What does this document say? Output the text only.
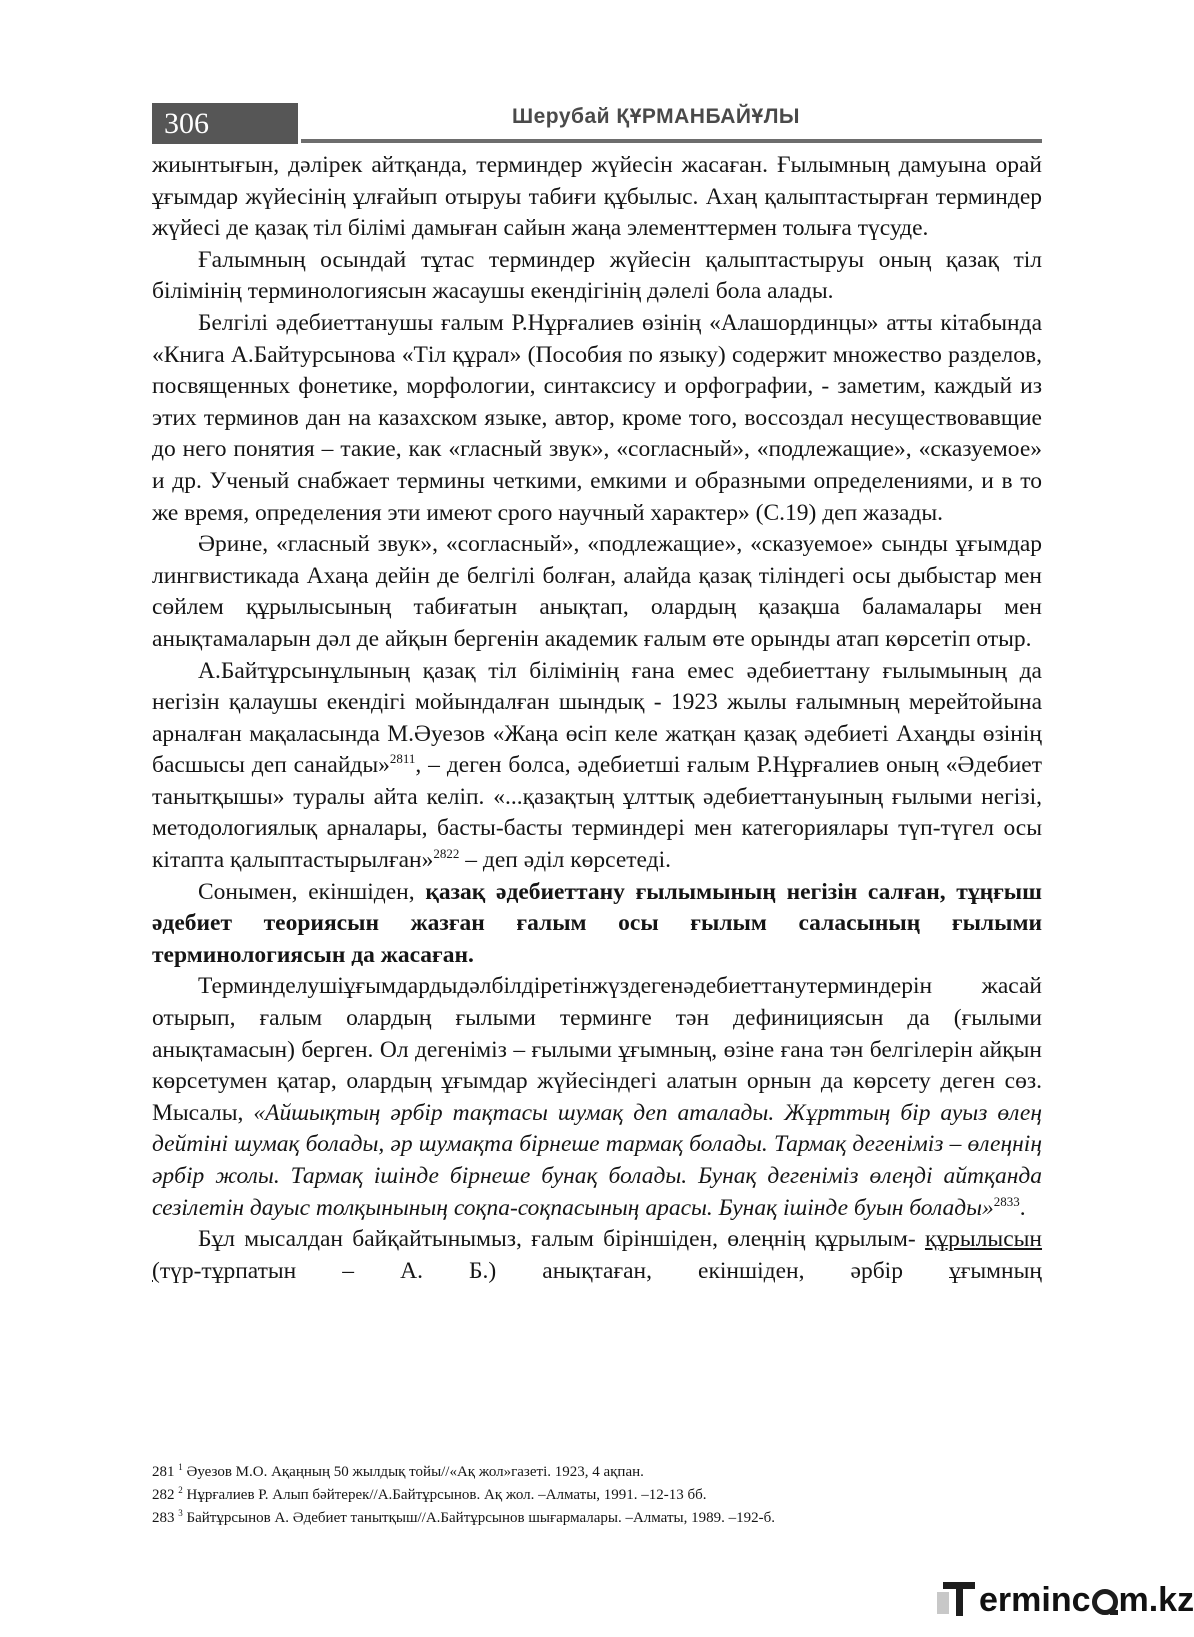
306	Шерубай ҚҰРМАНБАЙҰЛЫ

жиынтығын, дәлірек айтқанда, терминдер жүйесін жасаған. Ғылымның дамуына орай ұғымдар жүйесінің ұлғайып отыруы табиғи құбылыс. Ахаң қалыптастырған терминдер жүйесі де қазақ тіл білімі дамыған сайын жаңа элементтермен толыға түсуде.

Ғалымның осындай тұтас терминдер жүйесін қалыптастыруы оның қазақ тіл білімінің терминологиясын жасаушы екендігінің дәлелі бола алады.

Белгілі әдебиеттанушы ғалым Р.Нұрғалиев өзінің «Алашординцы» атты кітабында «Книга А.Байтурсынова «Тіл құрал» (Пособия по языку) содержит множество разделов, посвященных фонетике, морфологии, синтаксису и орфографии, - заметим, каждый из этих терминов дан на казахском языке, автор, кроме того, воссоздал несуществовавщие до него понятия – такие, как «гласный звук», «согласный», «подлежащие», «сказуемое» и др. Ученый снабжает термины четкими, емкими и образными определениями, и в то же время, определения эти имеют срого научный характер» (С.19) деп жазады.

Әрине, «гласный звук», «согласный», «подлежащие», «сказуемое» сынды ұғымдар лингвистикада Ахаңа дейін де белгілі болған, алайда қазақ тіліндегі осы дыбыстар мен сөйлем құрылысының табиғатын анықтап, олардың қазақша баламалары мен анықтамаларын дәл де айқын бергенін академик ғалым өте орынды атап көрсетіп отыр.

А.Байтұрсынұлының қазақ тіл білімінің ғана емес әдебиеттану ғылымының да негізін қалаушы екендігі мойындалған шындық - 1923 жылы ғалымның мерейтойына арналған мақаласында М.Әуезов «Жаңа өсіп келе жатқан қазақ әдебиеті Ахаңды өзінің басшысы деп санайды»$^{2811}$, – деген болса, әдебиетші ғалым Р.Нұрғалиев оның «Әдебиет танытқышы» туралы айта келіп. «...қазақтың ұлттық әдебиеттануының ғылыми негізі, методологиялық арналары, басты-басты терминдері мен категориялары түп-түгел осы кітапта қалыптастырылған»$^{2822}$ – деп әділ көрсетеді.

Сонымен, екіншіден, қазақ әдебиеттану ғылымының негізін салған, тұңғыш әдебиет теориясын жазған ғалым осы ғылым саласының ғылыми терминологиясын да жасаған.

Терминделушіұғымдардыдәлбілдіретінжүздегенәдебиеттанутерминдерін жасай отырып, ғалым олардың ғылыми терминге тән дефинициясын да (ғылыми анықтамасын) берген. Ол дегеніміз – ғылыми ұғымның, өзіне ғана тән белгілерін айқын көрсетумен қатар, олардың ұғымдар жүйесіндегі алатын орнын да көрсету деген сөз. Мысалы, «Айшықтың әрбір тақтасы шумақ деп аталады. Жұрттың бір ауыз өлең дейтіні шумақ болады, әр шумақта бірнеше тармақ болады. Тармақ дегеніміз – өлеңнің әрбір жолы. Тармақ ішінде бірнеше бунақ болады. Бунақ дегеніміз өлеңді айтқанда сезілетін дауыс толқынының соқпа-соқпасының арасы. Бунақ ішінде буын болады»$^{2833}$.

Бұл мысалдан байқайтынымыз, ғалым біріншіден, өлеңнің құрылым- құрылысын (түр-тұрпатын – А. Б.) анықтаған, екіншіден, әрбір ұғымның

281 $^1$ Әуезов М.О. Ақаңның 50 жылдық тойы//«Ақ жол»газеті. 1923, 4 ақпан.
282 $^2$ Нұрғалиев Р. Алып бәйтерек//А.Байтұрсынов. Ақ жол. –Алматы, 1991. –12-13 бб.
283 $^3$ Байтұрсынов А. Әдебиет танытқыш//А.Байтұрсынов шығармалары. –Алматы, 1989. –192-б.
erminc m.kz
